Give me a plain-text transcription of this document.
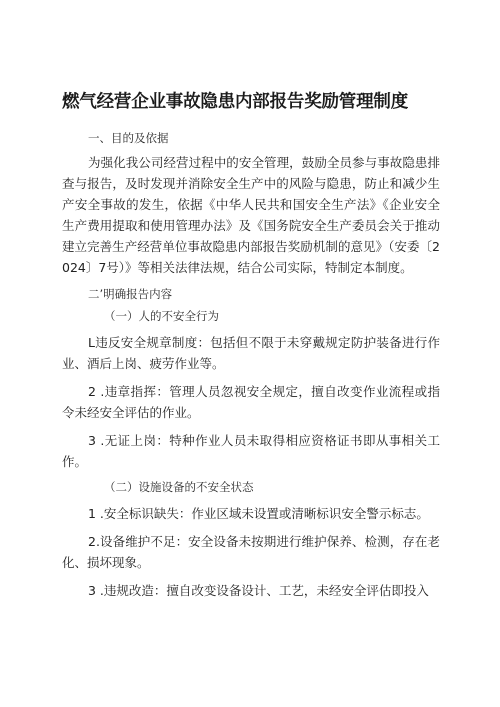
燃气经营企业事故隐患内部报告奖励管理制度
一、目的及依据

为强化我公司经营过程中的安全管理，鼓励全员参与事故隐患排查与报告，及时发现并消除安全生产中的风险与隐患，防止和减少生产安全事故的发生，依据《中华人民共和国安全生产法》《企业安全生产费用提取和使用管理办法》及《国务院安全生产委员会关于推动建立完善生产经营单位事故隐患内部报告奖励机制的意见》（安委〔2024〕7号）》等相关法律法规，结合公司实际，特制定本制度。

二’明确报告内容
（一）人的不安全行为

L违反安全规章制度：包括但不限于未穿戴规定防护装备进行作业、酒后上岗、疲劳作业等。

2 .违章指挥：管理人员忽视安全规定，擅自改变作业流程或指令未经安全评估的作业。

3 .无证上岗：特种作业人员未取得相应资格证书即从事相关工作。

（二）设施设备的不安全状态

1 .安全标识缺失：作业区域未设置或清晰标识安全警示标志。

2.设备维护不足：安全设备未按期进行维护保养、检测，存在老化、损坏现象。

3 .违规改造：擅自改变设备设计、工艺，未经安全评估即投入
